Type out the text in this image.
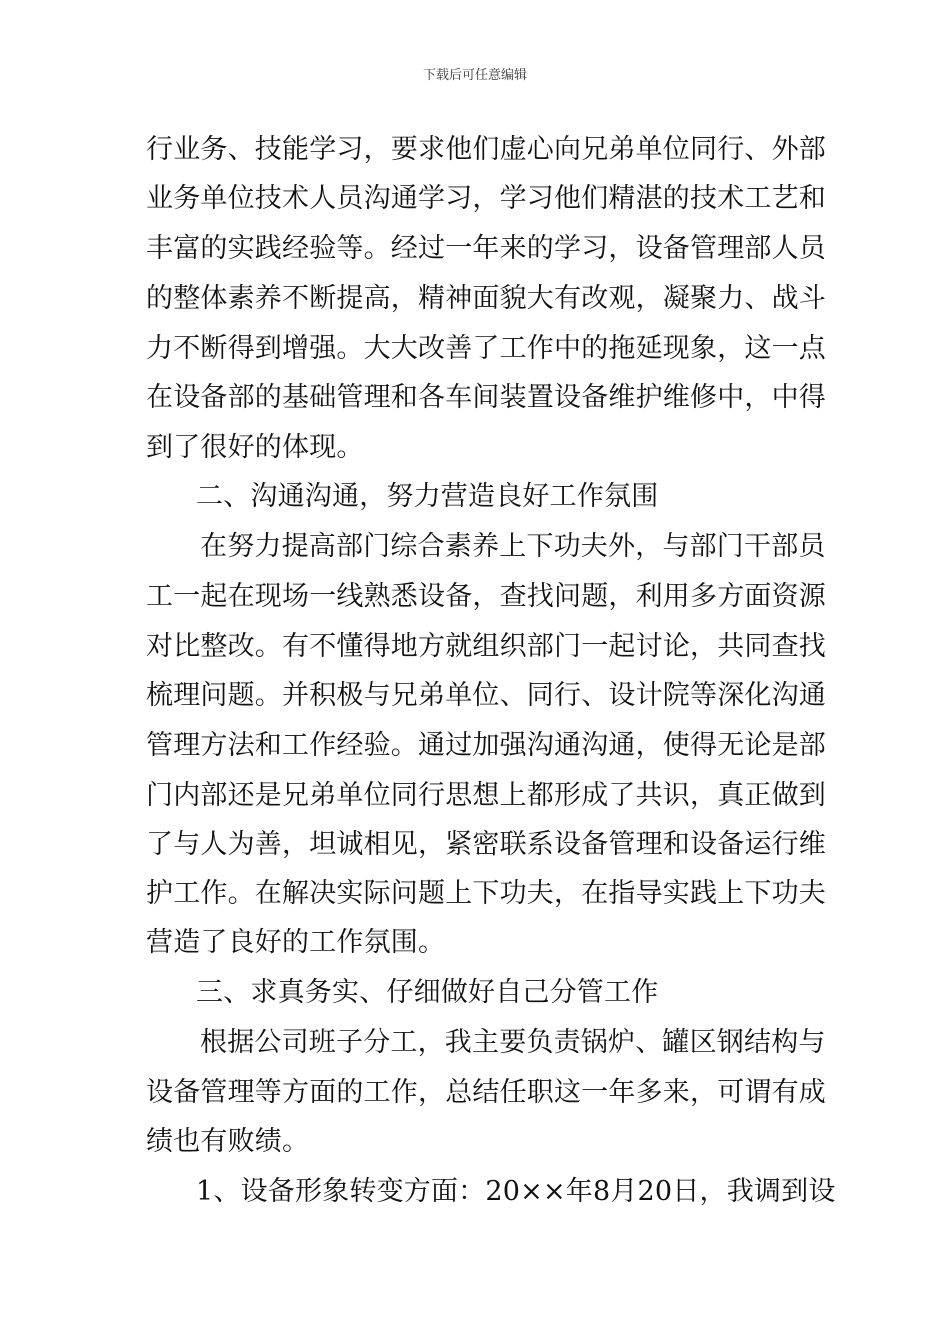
下载后可任意编辑
行业务、技能学习，要求他们虚心向兄弟单位同行、外部
业务单位技术人员沟通学习，学习他们精湛的技术工艺和
丰富的实践经验等。经过一年来的学习，设备管理部人员
的整体素养不断提高，精神面貌大有改观，凝聚力、战斗
力不断得到增强。大大改善了工作中的拖延现象，这一点
在设备部的基础管理和各车间装置设备维护维修中，中得
到了很好的体现。
二、沟通沟通，努力营造良好工作氛围
在努力提高部门综合素养上下功夫外，与部门干部员
工一起在现场一线熟悉设备，查找问题，利用多方面资源
对比整改。有不懂得地方就组织部门一起讨论，共同查找
梳理问题。并积极与兄弟单位、同行、设计院等深化沟通
管理方法和工作经验。通过加强沟通沟通，使得无论是部
门内部还是兄弟单位同行思想上都形成了共识，真正做到
了与人为善，坦诚相见，紧密联系设备管理和设备运行维
护工作。在解决实际问题上下功夫，在指导实践上下功夫
营造了良好的工作氛围。
三、求真务实、仔细做好自己分管工作
根据公司班子分工，我主要负责锅炉、罐区钢结构与
设备管理等方面的工作，总结任职这一年多来，可谓有成
绩也有败绩。
1、设备形象转变方面：20××年8月20日，我调到设
